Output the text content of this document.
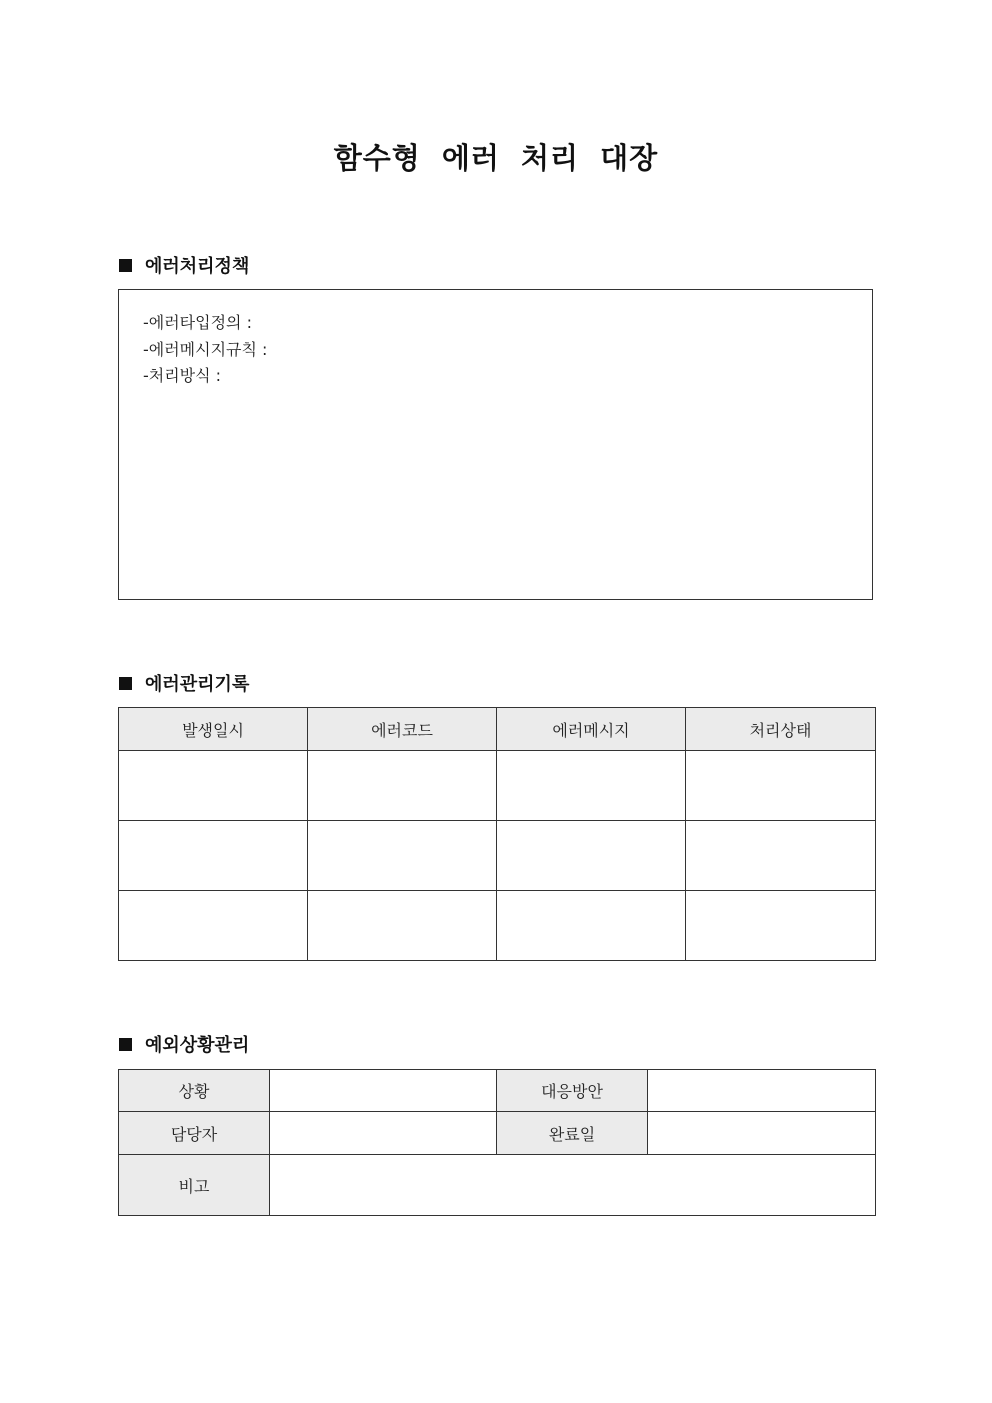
함수형 에러 처리 대장
에러처리정책
-에러타입정의 :
-에러메시지규칙 :
-처리방식 :
에러관리기록
발생일시	에러코드	에러메시지	처리상태

예외상황관리
상황		대응방안	
담당자		완료일	
비고			
